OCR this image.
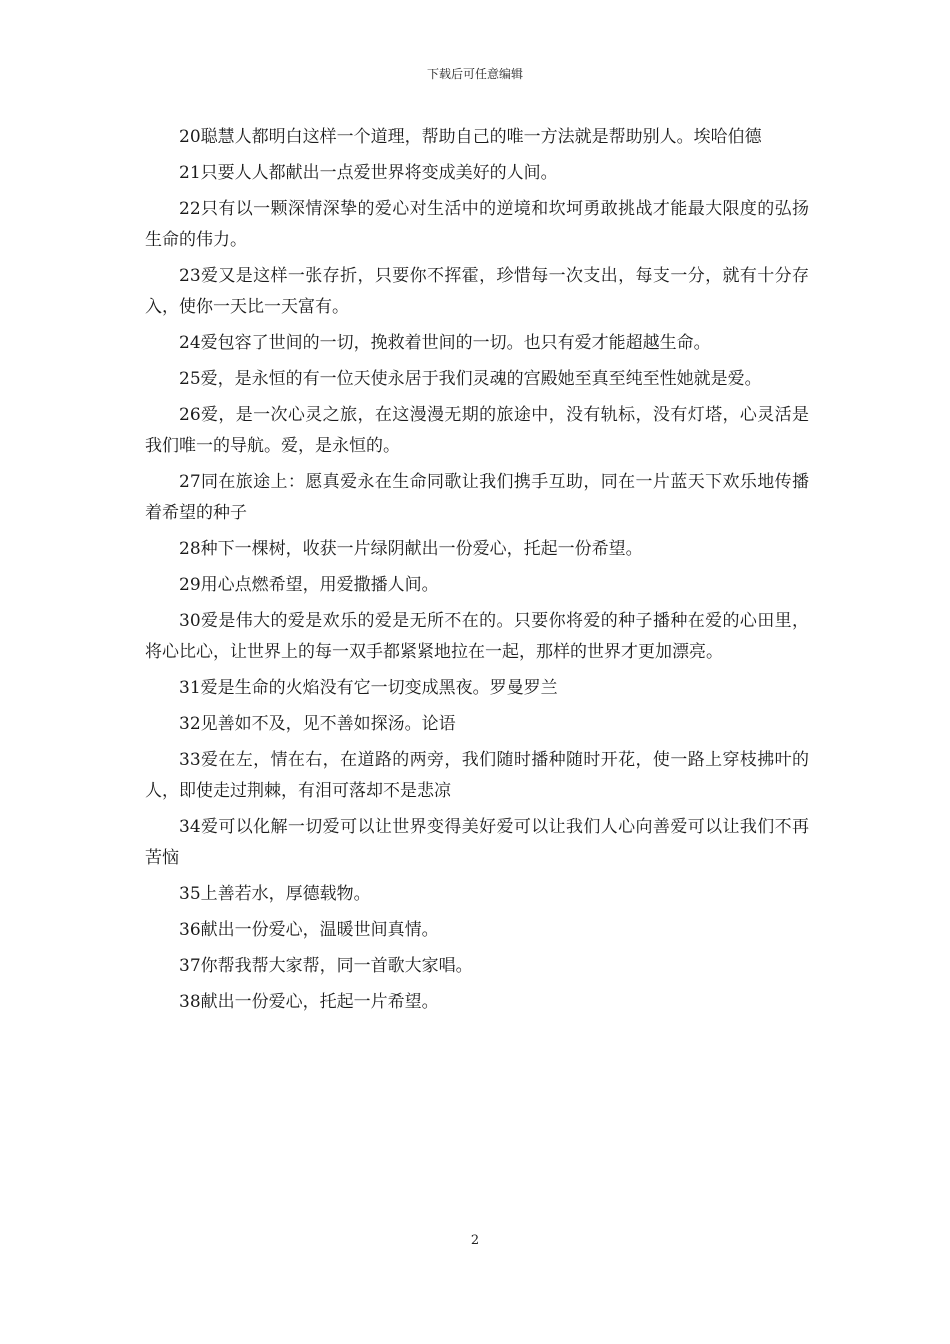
下载后可任意编辑

20聪慧人都明白这样一个道理，帮助自己的唯一方法就是帮助别人。埃哈伯德

21只要人人都献出一点爱世界将变成美好的人间。

22只有以一颗深情深挚的爱心对生活中的逆境和坎坷勇敢挑战才能最大限度的弘扬生命的伟力。

23爱又是这样一张存折，只要你不挥霍，珍惜每一次支出，每支一分，就有十分存入，使你一天比一天富有。

24爱包容了世间的一切，挽救着世间的一切。也只有爱才能超越生命。

25爱，是永恒的有一位天使永居于我们灵魂的宫殿她至真至纯至性她就是爱。

26爱，是一次心灵之旅，在这漫漫无期的旅途中，没有轨标，没有灯塔，心灵活是我们唯一的导航。爱，是永恒的。

27同在旅途上：愿真爱永在生命同歌让我们携手互助，同在一片蓝天下欢乐地传播着希望的种子

28种下一棵树，收获一片绿阴献出一份爱心，托起一份希望。

29用心点燃希望，用爱撒播人间。

30爱是伟大的爱是欢乐的爱是无所不在的。只要你将爱的种子播种在爱的心田里，将心比心，让世界上的每一双手都紧紧地拉在一起，那样的世界才更加漂亮。

31爱是生命的火焰没有它一切变成黑夜。罗曼罗兰

32见善如不及，见不善如探汤。论语

33爱在左，情在右，在道路的两旁，我们随时播种随时开花，使一路上穿枝拂叶的人，即使走过荆棘，有泪可落却不是悲凉

34爱可以化解一切爱可以让世界变得美好爱可以让我们人心向善爱可以让我们不再苦恼

35上善若水，厚德载物。

36献出一份爱心，温暖世间真情。

37你帮我帮大家帮，同一首歌大家唱。

38献出一份爱心，托起一片希望。

2
